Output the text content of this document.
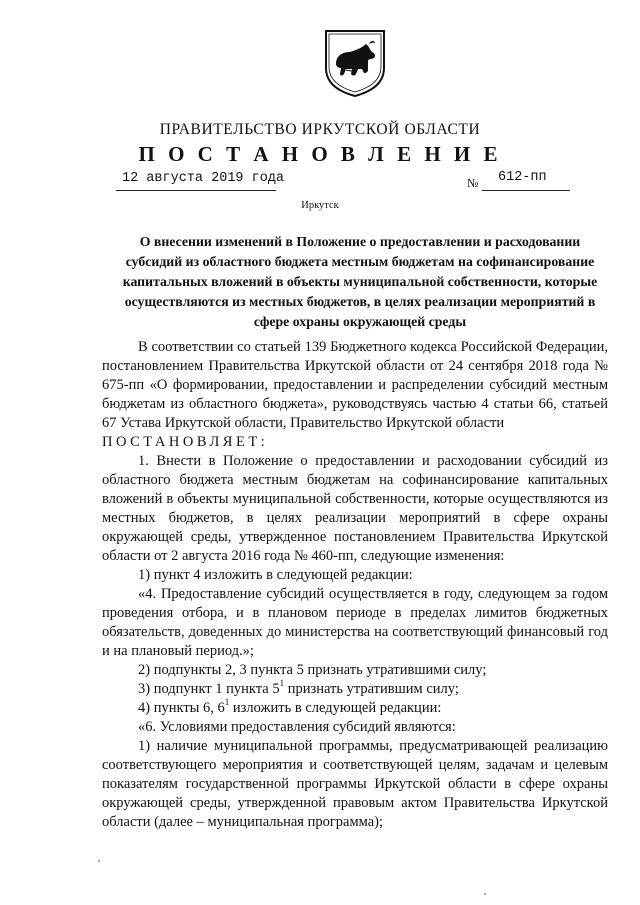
ПРАВИТЕЛЬСТВО ИРКУТСКОЙ ОБЛАСТИ
П О С Т А Н О В Л Е Н И Е
12 августа 2019 года	№ 612-пп
Иркутск
О внесении изменений в Положение о предоставлении и расходовании субсидий из областного бюджета местным бюджетам на софинансирование капитальных вложений в объекты муниципальной собственности, которые осуществляются из местных бюджетов, в целях реализации мероприятий в сфере охраны окружающей среды

В соответствии со статьей 139 Бюджетного кодекса Российской Федерации, постановлением Правительства Иркутской области от 24 сентября 2018 года № 675-пп «О формировании, предоставлении и распределении субсидий местным бюджетам из областного бюджета», руководствуясь частью 4 статьи 66, статьей 67 Устава Иркутской области, Правительство Иркутской области

ПОСТАНОВЛЯЕТ:

1. Внести в Положение о предоставлении и расходовании субсидий из областного бюджета местным бюджетам на софинансирование капитальных вложений в объекты муниципальной собственности, которые осуществляются из местных бюджетов, в целях реализации мероприятий в сфере охраны окружающей среды, утвержденное постановлением Правительства Иркутской области от 2 августа 2016 года № 460-пп, следующие изменения:

1) пункт 4 изложить в следующей редакции:

«4. Предоставление субсидий осуществляется в году, следующем за годом проведения отбора, и в плановом периоде в пределах лимитов бюджетных обязательств, доведенных до министерства на соответствующий финансовый год и на плановый период.»;

2) подпункты 2, 3 пункта 5 признать утратившими силу;

3) подпункт 1 пункта $5^1$ признать утратившим силу;

4) пункты 6, $6^1$ изложить в следующей редакции:

«6. Условиями предоставления субсидий являются:

1) наличие муниципальной программы, предусматривающей реализацию соответствующего мероприятия и соответствующей целям, задачам и целевым показателям государственной программы Иркутской области в сфере охраны окружающей среды, утвержденной правовым актом Правительства Иркутской области (далее – муниципальная программа);
